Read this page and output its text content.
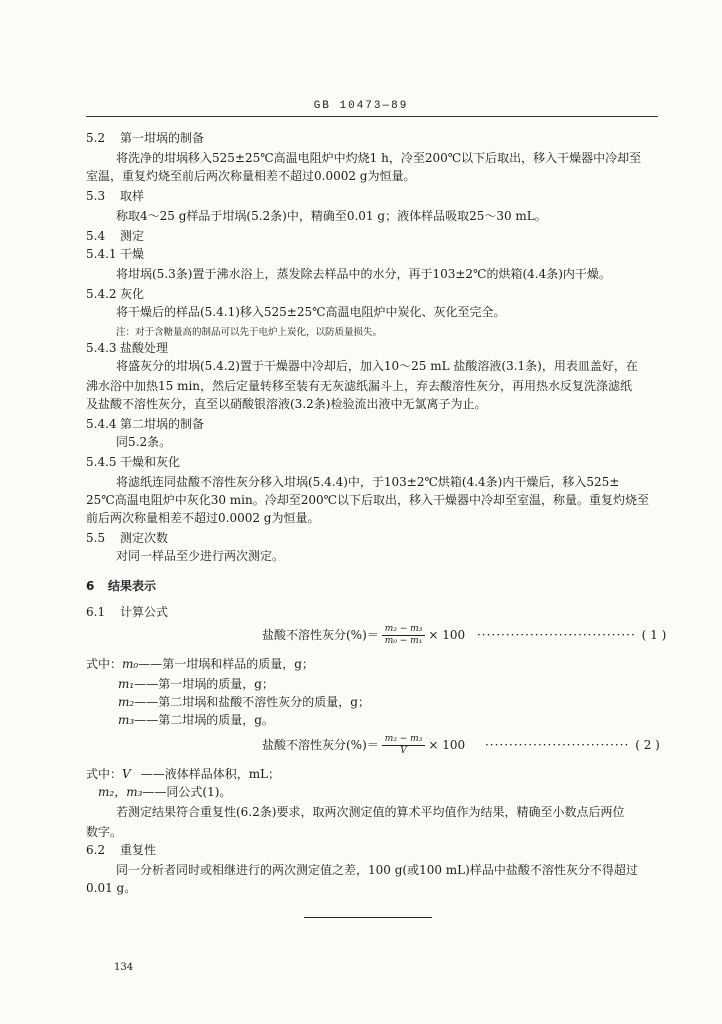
GB 10473—89
5.2 第一坩埚的制备
将洗净的坩埚移入525±25℃高温电阻炉中灼烧1 h，冷至200℃以下后取出，移入干燥器中冷却至
室温，重复灼烧至前后两次称量相差不超过0.0002 g为恒量。
5.3 取样
称取4～25 g样品于坩埚(5.2条)中，精确至0.01 g；液体样品吸取25～30 mL。
5.4 测定
5.4.1 干燥
将坩埚(5.3条)置于沸水浴上，蒸发除去样品中的水分，再于103±2℃的烘箱(4.4条)内干燥。
5.4.2 灰化
将干燥后的样品(5.4.1)移入525±25℃高温电阻炉中炭化、灰化至完全。
注：对于含糖量高的制品可以先于电炉上炭化，以防质量损失。
5.4.3 盐酸处理
将盛灰分的坩埚(5.4.2)置于干燥器中冷却后，加入10～25 mL 盐酸溶液(3.1条)，用表皿盖好，在
沸水浴中加热15 min，然后定量转移至装有无灰滤纸漏斗上，弃去酸溶性灰分，再用热水反复洗涤滤纸
及盐酸不溶性灰分，直至以硝酸银溶液(3.2条)检验流出液中无氯离子为止。
5.4.4 第二坩埚的制备
同5.2条。
5.4.5 干燥和灰化
将滤纸连同盐酸不溶性灰分移入坩埚(5.4.4)中，于103±2℃烘箱(4.4条)内干燥后，移入525±
25℃高温电阻炉中灰化30 min。冷却至200℃以下后取出，移入干燥器中冷却至室温，称量。重复灼烧至
前后两次称量相差不超过0.0002 g为恒量。
5.5 测定次数
对同一样品至少进行两次测定。
6 结果表示
6.1 计算公式
盐酸不溶性灰分(%)＝ $\frac{\text{m₂ − m₃}}{\text{m₀ − m₁}} \times 100$ ································· ( 1 )
式中：m₀——第一坩埚和样品的质量，g；
m₁——第一坩埚的质量，g；
m₂——第二坩埚和盐酸不溶性灰分的质量，g；
m₃——第二坩埚的质量，g。
盐酸不溶性灰分(%)＝ $\frac{\text{m₂ − m₃}}{V} \times 100$ ······························ ( 2 )
式中：V ——液体样品体积，mL；
m₂，m₃——同公式(1)。
若测定结果符合重复性(6.2条)要求，取两次测定值的算术平均值作为结果，精确至小数点后两位
数字。
6.2 重复性
同一分析者同时或相继进行的两次测定值之差，100 g(或100 mL)样品中盐酸不溶性灰分不得超过
0.01 g。
134
